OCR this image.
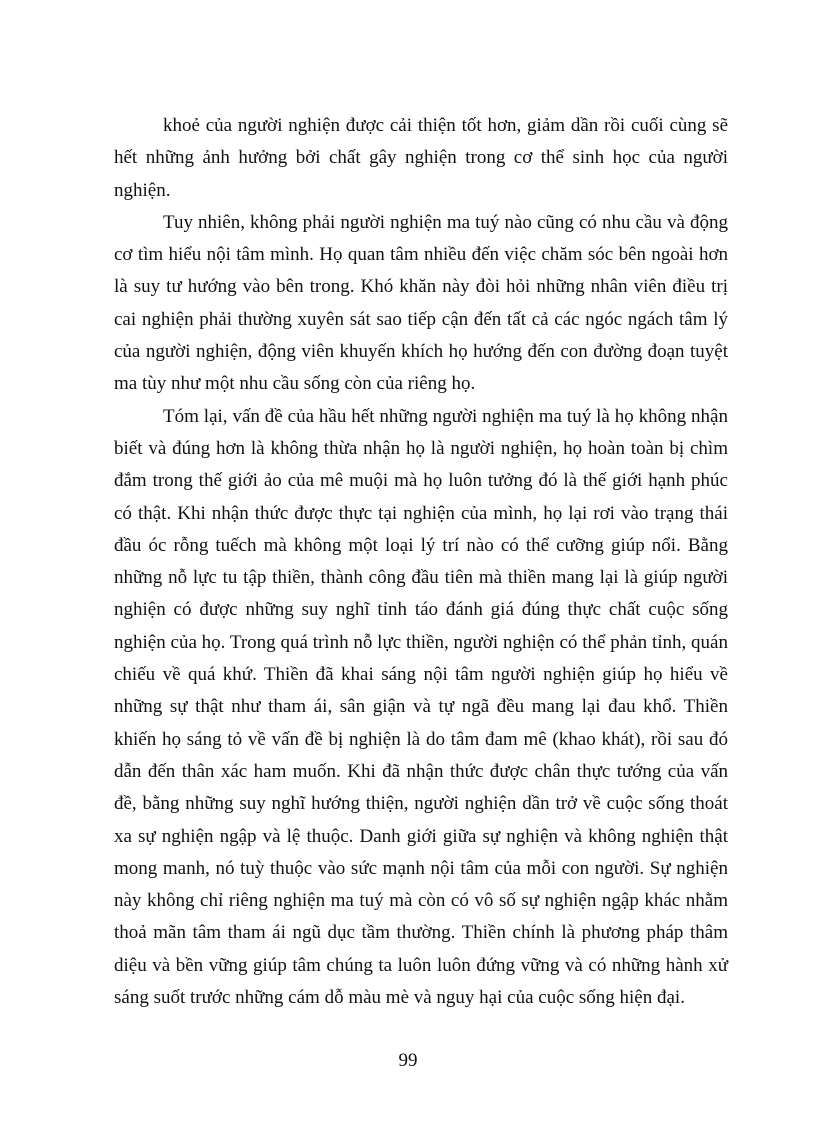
khoẻ của người nghiện được cải thiện tốt hơn, giảm dần rồi cuối cùng sẽ
hết những ảnh hưởng bởi chất gây nghiện trong cơ thể sinh học của người
nghiện.
Tuy nhiên, không phải người nghiện ma tuý nào cũng có nhu cầu và động
cơ tìm hiểu nội tâm mình. Họ quan tâm nhiều đến việc chăm sóc bên ngoài hơn
là suy tư hướng vào bên trong. Khó khăn này đòi hỏi những nhân viên điều trị
cai nghiện phải thường xuyên sát sao tiếp cận đến tất cả các ngóc ngách tâm lý
của người nghiện, động viên khuyến khích họ hướng đến con đường đoạn tuyệt
ma tùy như một nhu cầu sống còn của riêng họ.
Tóm lại, vấn đề của hầu hết những người nghiện ma tuý là họ không nhận
biết và đúng hơn là không thừa nhận họ là người nghiện, họ hoàn toàn bị chìm
đắm trong thế giới ảo của mê muội mà họ luôn tưởng đó là thế giới hạnh phúc
có thật. Khi nhận thức được thực tại nghiện của mình, họ lại rơi vào trạng thái
đầu óc rỗng tuếch mà không một loại lý trí nào có thể cưỡng giúp nổi. Bằng
những nỗ lực tu tập thiền, thành công đầu tiên mà thiền mang lại là giúp người
nghiện có được những suy nghĩ tỉnh táo đánh giá đúng thực chất cuộc sống
nghiện của họ. Trong quá trình nỗ lực thiền, người nghiện có thể phản tỉnh, quán
chiếu về quá khứ. Thiền đã khai sáng nội tâm người nghiện giúp họ hiểu về
những sự thật như tham ái, sân giận và tự ngã đều mang lại đau khổ. Thiền
khiến họ sáng tỏ về vấn đề bị nghiện là do tâm đam mê (khao khát), rồi sau đó
dẫn đến thân xác ham muốn. Khi đã nhận thức được chân thực tướng của vấn
đề, bằng những suy nghĩ hướng thiện, người nghiện dần trở về cuộc sống thoát
xa sự nghiện ngập và lệ thuộc. Danh giới giữa sự nghiện và không nghiện thật
mong manh, nó tuỳ thuộc vào sức mạnh nội tâm của mỗi con người. Sự nghiện
này không chỉ riêng nghiện ma tuý mà còn có vô số sự nghiện ngập khác nhằm
thoả mãn tâm tham ái ngũ dục tầm thường. Thiền chính là phương pháp thâm
diệu và bền vững giúp tâm chúng ta luôn luôn đứng vững và có những hành xử
sáng suốt trước những cám dỗ màu mè và nguy hại của cuộc sống hiện đại.
99
